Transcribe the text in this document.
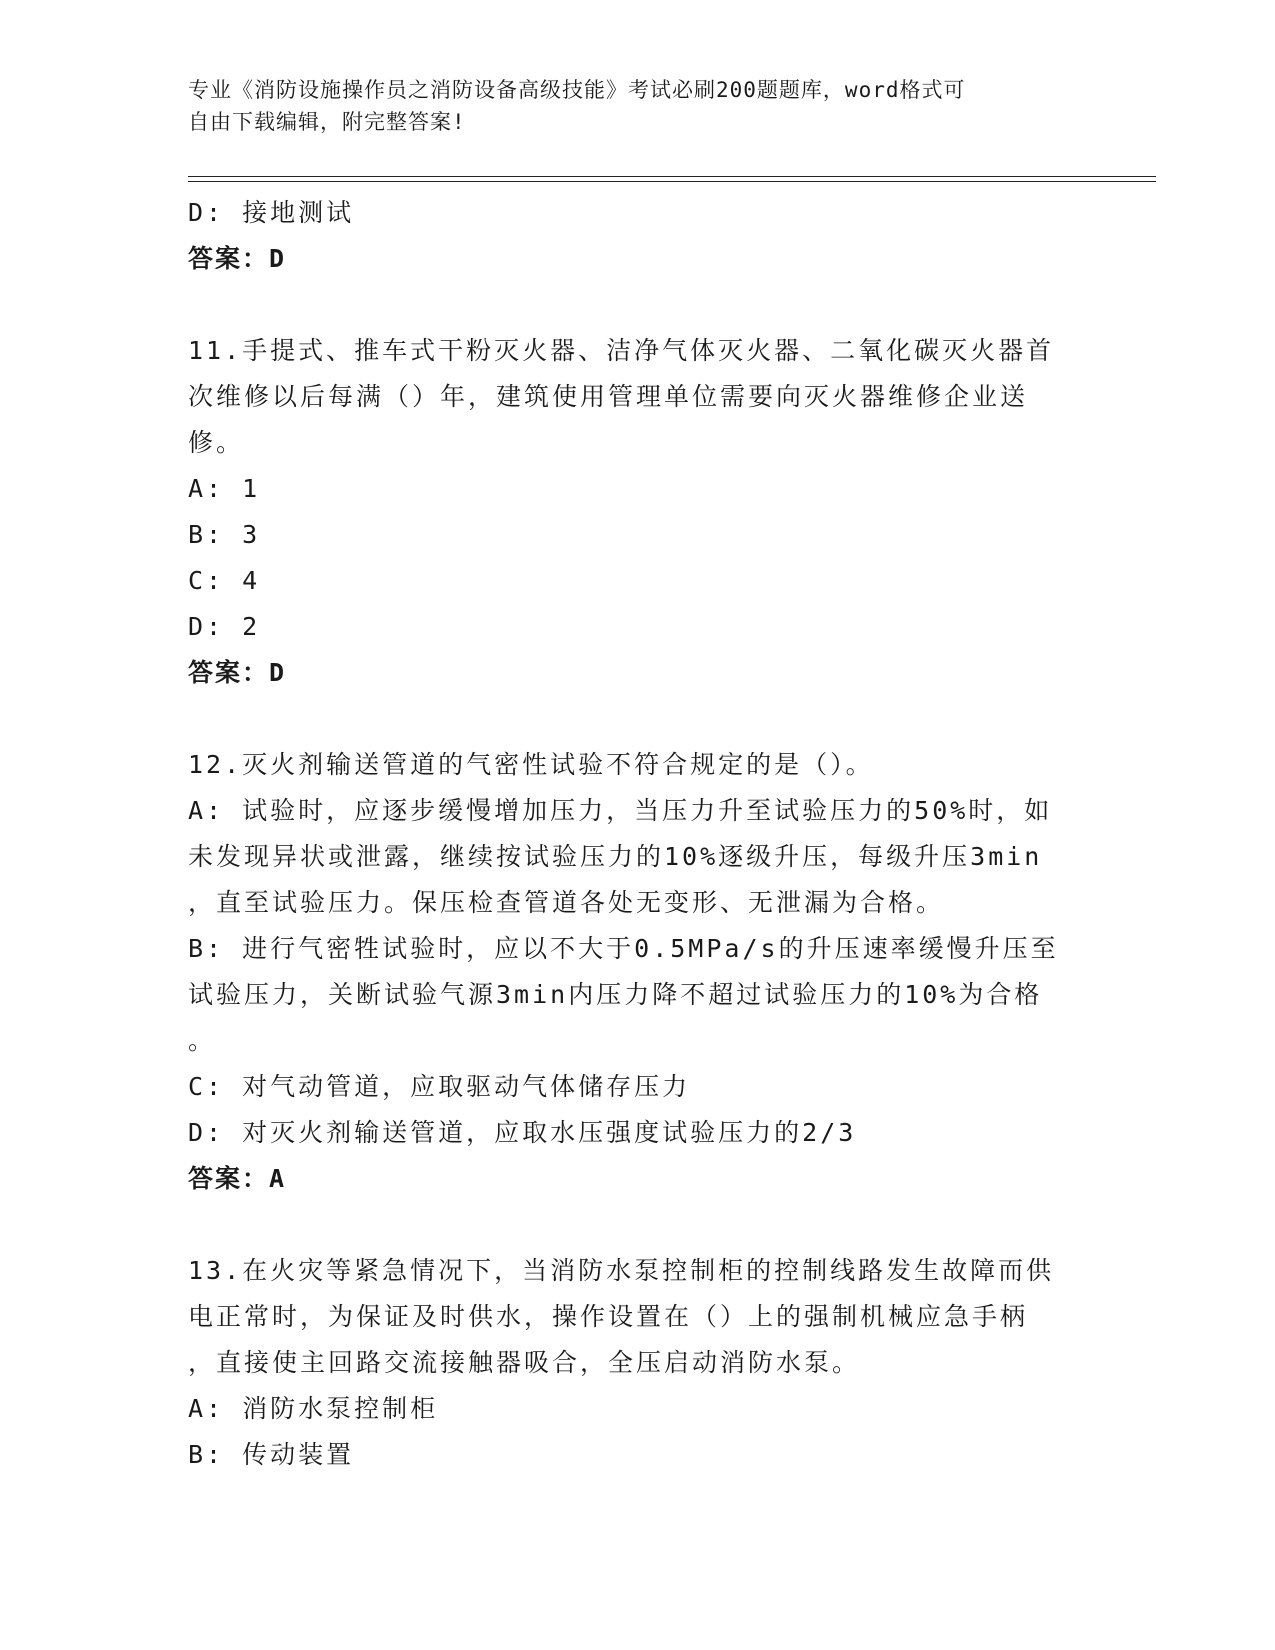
专业《消防设施操作员之消防设备高级技能》考试必刷200题题库，word格式可

自由下载编辑，附完整答案!

D: 接地测试

答案：D

11.手提式、推车式干粉灭火器、洁净气体灭火器、二氧化碳灭火器首

次维修以后每满（）年，建筑使用管理单位需要向灭火器维修企业送

修。

A: 1

B: 3

C: 4

D: 2

答案：D

12.灭火剂输送管道的气密性试验不符合规定的是（）。

A: 试验时，应逐步缓慢增加压力，当压力升至试验压力的50%时，如

未发现异状或泄露，继续按试验压力的10%逐级升压，每级升压3min

，直至试验压力。保压检查管道各处无变形、无泄漏为合格。

B: 进行气密牲试验时，应以不大于0.5MPa/s的升压速率缓慢升压至

试验压力，关断试验气源3min内压力降不超过试验压力的10%为合格

。

C: 对气动管道，应取驱动气体储存压力

D: 对灭火剂输送管道，应取水压强度试验压力的2/3

答案：A

13.在火灾等紧急情况下，当消防水泵控制柜的控制线路发生故障而供

电正常时，为保证及时供水，操作设置在（）上的强制机械应急手柄

，直接使主回路交流接触器吸合，全压启动消防水泵。

A: 消防水泵控制柜

B: 传动装置
